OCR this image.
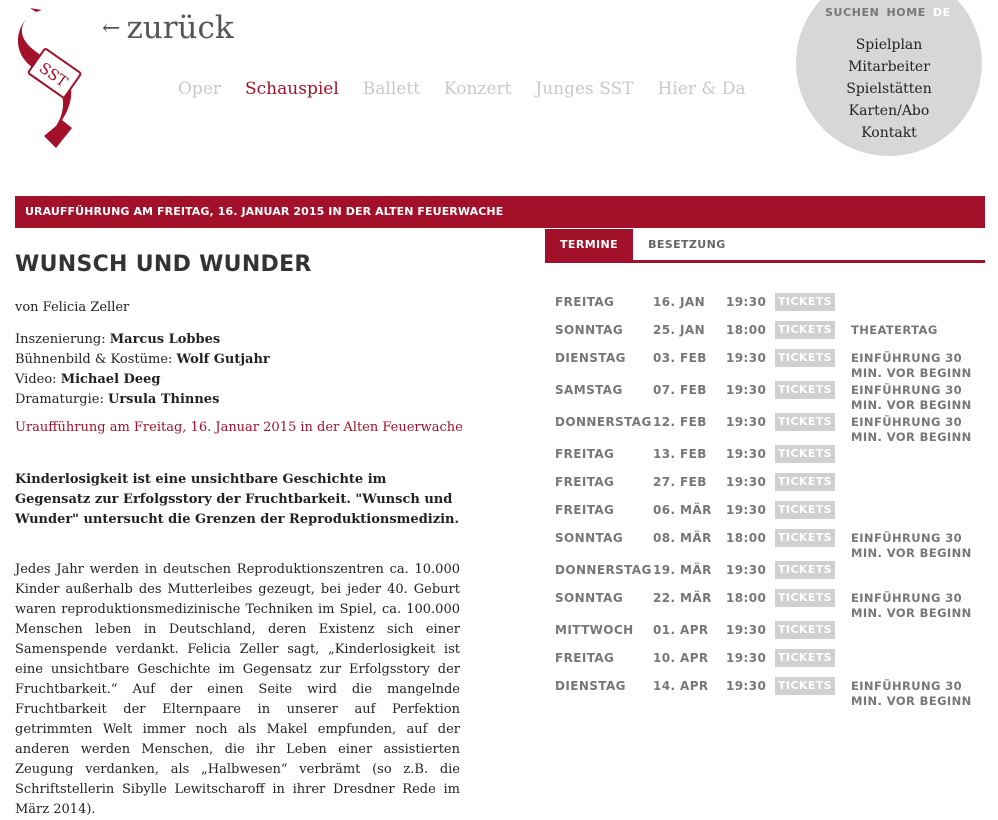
SST
← zurück
Oper Schauspiel Ballett Konzert Junges SST Hier & Da
SUCHEN HOME DE
Spielplan
Mitarbeiter
Spielstätten
Karten/Abo
Kontakt
URAUFFÜHRUNG AM FREITAG, 16. JANUAR 2015 IN DER ALTEN FEUERWACHE
WUNSCH UND WUNDER
von Felicia Zeller
Inszenierung: Marcus Lobbes
Bühnenbild & Kostüme: Wolf Gutjahr
Video: Michael Deeg
Dramaturgie: Ursula Thinnes
Uraufführung am Freitag, 16. Januar 2015 in der Alten Feuerwache
Kinderlosigkeit ist eine unsichtbare Geschichte im Gegensatz zur Erfolgsstory der Fruchtbarkeit. "Wunsch und Wunder" untersucht die Grenzen der Reproduktionsmedizin.
Jedes Jahr werden in deutschen Reproduktionszentren ca. 10.000 Kinder außerhalb des Mutterleibes gezeugt, bei jeder 40. Geburt waren reproduktionsmedizinische Techniken im Spiel, ca. 100.000 Menschen leben in Deutschland, deren Existenz sich einer Samenspende verdankt. Felicia Zeller sagt, „Kinderlosigkeit ist eine unsichtbare Geschichte im Gegensatz zur Erfolgsstory der Fruchtbarkeit.“ Auf der einen Seite wird die mangelnde Fruchtbarkeit der Elternpaare in unserer auf Perfektion getrimmten Welt immer noch als Makel empfunden, auf der anderen werden Menschen, die ihr Leben einer assistierten Zeugung verdanken, als „Halbwesen“ verbrämt (so z.B. die Schriftstellerin Sibylle Lewitscharoff in ihrer Dresdner Rede im März 2014).
TERMINE	BESETZUNG
FREITAG	16. JAN 19:30 TICKETS
SONNTAG 25. JAN 18:00 TICKETS THEATERTAG
DIENSTAG 03. FEB 19:30 TICKETS EINFÜHRUNG 30 MIN. VOR BEGINN
SAMSTAG	07. FEB 19:30 TICKETS EINFÜHRUNG 30 MIN. VOR BEGINN
DONNERSTAG 12. FEB 19:30 TICKETS EINFÜHRUNG 30 MIN. VOR BEGINN
FREITAG	13. FEB 19:30 TICKETS
FREITAG	27. FEB 19:30 TICKETS
FREITAG	06. MÄR 19:30 TICKETS
SONNTAG 08. MÄR 18:00 TICKETS EINFÜHRUNG 30 MIN. VOR BEGINN
DONNERSTAG 19. MÄR 19:30 TICKETS
SONNTAG 22. MÄR 18:00 TICKETS EINFÜHRUNG 30 MIN. VOR BEGINN
MITTWOCH 01. APR 19:30 TICKETS
FREITAG	10. APR 19:30 TICKETS
DIENSTAG 14. APR 19:30 TICKETS EINFÜHRUNG 30 MIN. VOR BEGINN
